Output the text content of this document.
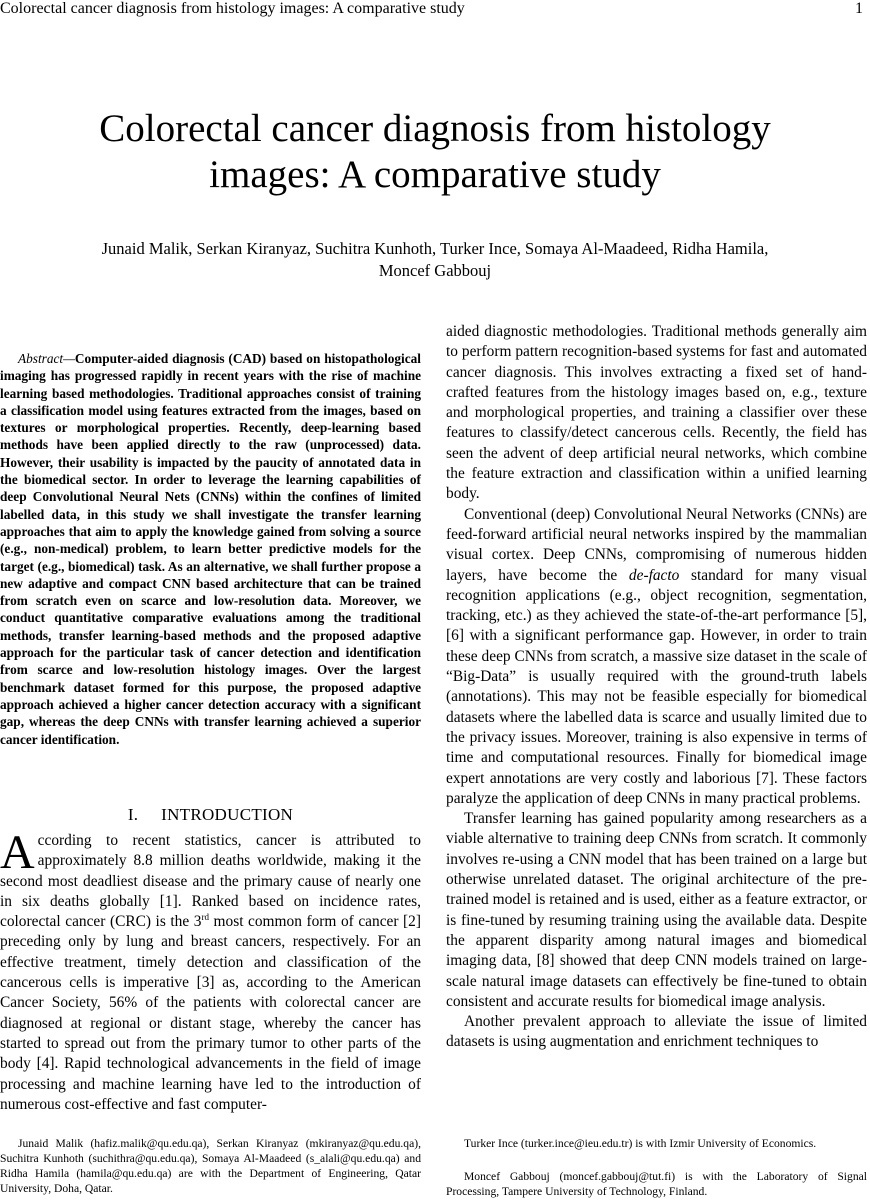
Colorectal cancer diagnosis from histology images: A comparative study	1
Colorectal cancer diagnosis from histology
images: A comparative study
Junaid Malik, Serkan Kiranyaz, Suchitra Kunhoth, Turker Ince, Somaya Al-Maadeed, Ridha Hamila,
Moncef Gabbouj

Abstract—Computer-aided diagnosis (CAD) based on histopathological imaging has progressed rapidly in recent years with the rise of machine learning based methodologies. Traditional approaches consist of training a classification model using features extracted from the images, based on textures or morphological properties. Recently, deep-learning based methods have been applied directly to the raw (unprocessed) data. However, their usability is impacted by the paucity of annotated data in the biomedical sector. In order to leverage the learning capabilities of deep Convolutional Neural Nets (CNNs) within the confines of limited labelled data, in this study we shall investigate the transfer learning approaches that aim to apply the knowledge gained from solving a source (e.g., non-medical) problem, to learn better predictive models for the target (e.g., biomedical) task. As an alternative, we shall further propose a new adaptive and compact CNN based architecture that can be trained from scratch even on scarce and low-resolution data. Moreover, we conduct quantitative comparative evaluations among the traditional methods, transfer learning-based methods and the proposed adaptive approach for the particular task of cancer detection and identification from scarce and low-resolution histology images. Over the largest benchmark dataset formed for this purpose, the proposed adaptive approach achieved a higher cancer detection accuracy with a significant gap, whereas the deep CNNs with transfer learning achieved a superior cancer identification.

I. INTRODUCTION

According to recent statistics, cancer is attributed to approximately 8.8 million deaths worldwide, making it the second most deadliest disease and the primary cause of nearly one in six deaths globally [1]. Ranked based on incidence rates, colorectal cancer (CRC) is the 3rd most common form of cancer [2] preceding only by lung and breast cancers, respectively. For an effective treatment, timely detection and classification of the cancerous cells is imperative [3] as, according to the American Cancer Society, 56% of the patients with colorectal cancer are diagnosed at regional or distant stage, whereby the cancer has started to spread out from the primary tumor to other parts of the body [4]. Rapid technological advancements in the field of image processing and machine learning have led to the introduction of numerous cost-effective and fast computer-

aided diagnostic methodologies. Traditional methods generally aim to perform pattern recognition-based systems for fast and automated cancer diagnosis. This involves extracting a fixed set of hand-crafted features from the histology images based on, e.g., texture and morphological properties, and training a classifier over these features to classify/detect cancerous cells. Recently, the field has seen the advent of deep artificial neural networks, which combine the feature extraction and classification within a unified learning body.

Conventional (deep) Convolutional Neural Networks (CNNs) are feed-forward artificial neural networks inspired by the mammalian visual cortex. Deep CNNs, compromising of numerous hidden layers, have become the de-facto standard for many visual recognition applications (e.g., object recognition, segmentation, tracking, etc.) as they achieved the state-of-the-art performance [5], [6] with a significant performance gap. However, in order to train these deep CNNs from scratch, a massive size dataset in the scale of “Big-Data” is usually required with the ground-truth labels (annotations). This may not be feasible especially for biomedical datasets where the labelled data is scarce and usually limited due to the privacy issues. Moreover, training is also expensive in terms of time and computational resources. Finally for biomedical image expert annotations are very costly and laborious [7]. These factors paralyze the application of deep CNNs in many practical problems.

Transfer learning has gained popularity among researchers as a viable alternative to training deep CNNs from scratch. It commonly involves re-using a CNN model that has been trained on a large but otherwise unrelated dataset. The original architecture of the pre-trained model is retained and is used, either as a feature extractor, or is fine-tuned by resuming training using the available data. Despite the apparent disparity among natural images and biomedical imaging data, [8] showed that deep CNN models trained on large-scale natural image datasets can effectively be fine-tuned to obtain consistent and accurate results for biomedical image analysis.

Another prevalent approach to alleviate the issue of limited datasets is using augmentation and enrichment techniques to

Junaid Malik (hafiz.malik@qu.edu.qa), Serkan Kiranyaz (mkiranyaz@qu.edu.qa), Suchitra Kunhoth (suchithra@qu.edu.qa), Somaya Al-Maadeed (s_alali@qu.edu.qa) and Ridha Hamila (hamila@qu.edu.qa) are with the Department of Engineering, Qatar University, Doha, Qatar.

Turker Ince (turker.ince@ieu.edu.tr) is with Izmir University of Economics.

Moncef Gabbouj (moncef.gabbouj@tut.fi) is with the Laboratory of Signal Processing, Tampere University of Technology, Finland.
